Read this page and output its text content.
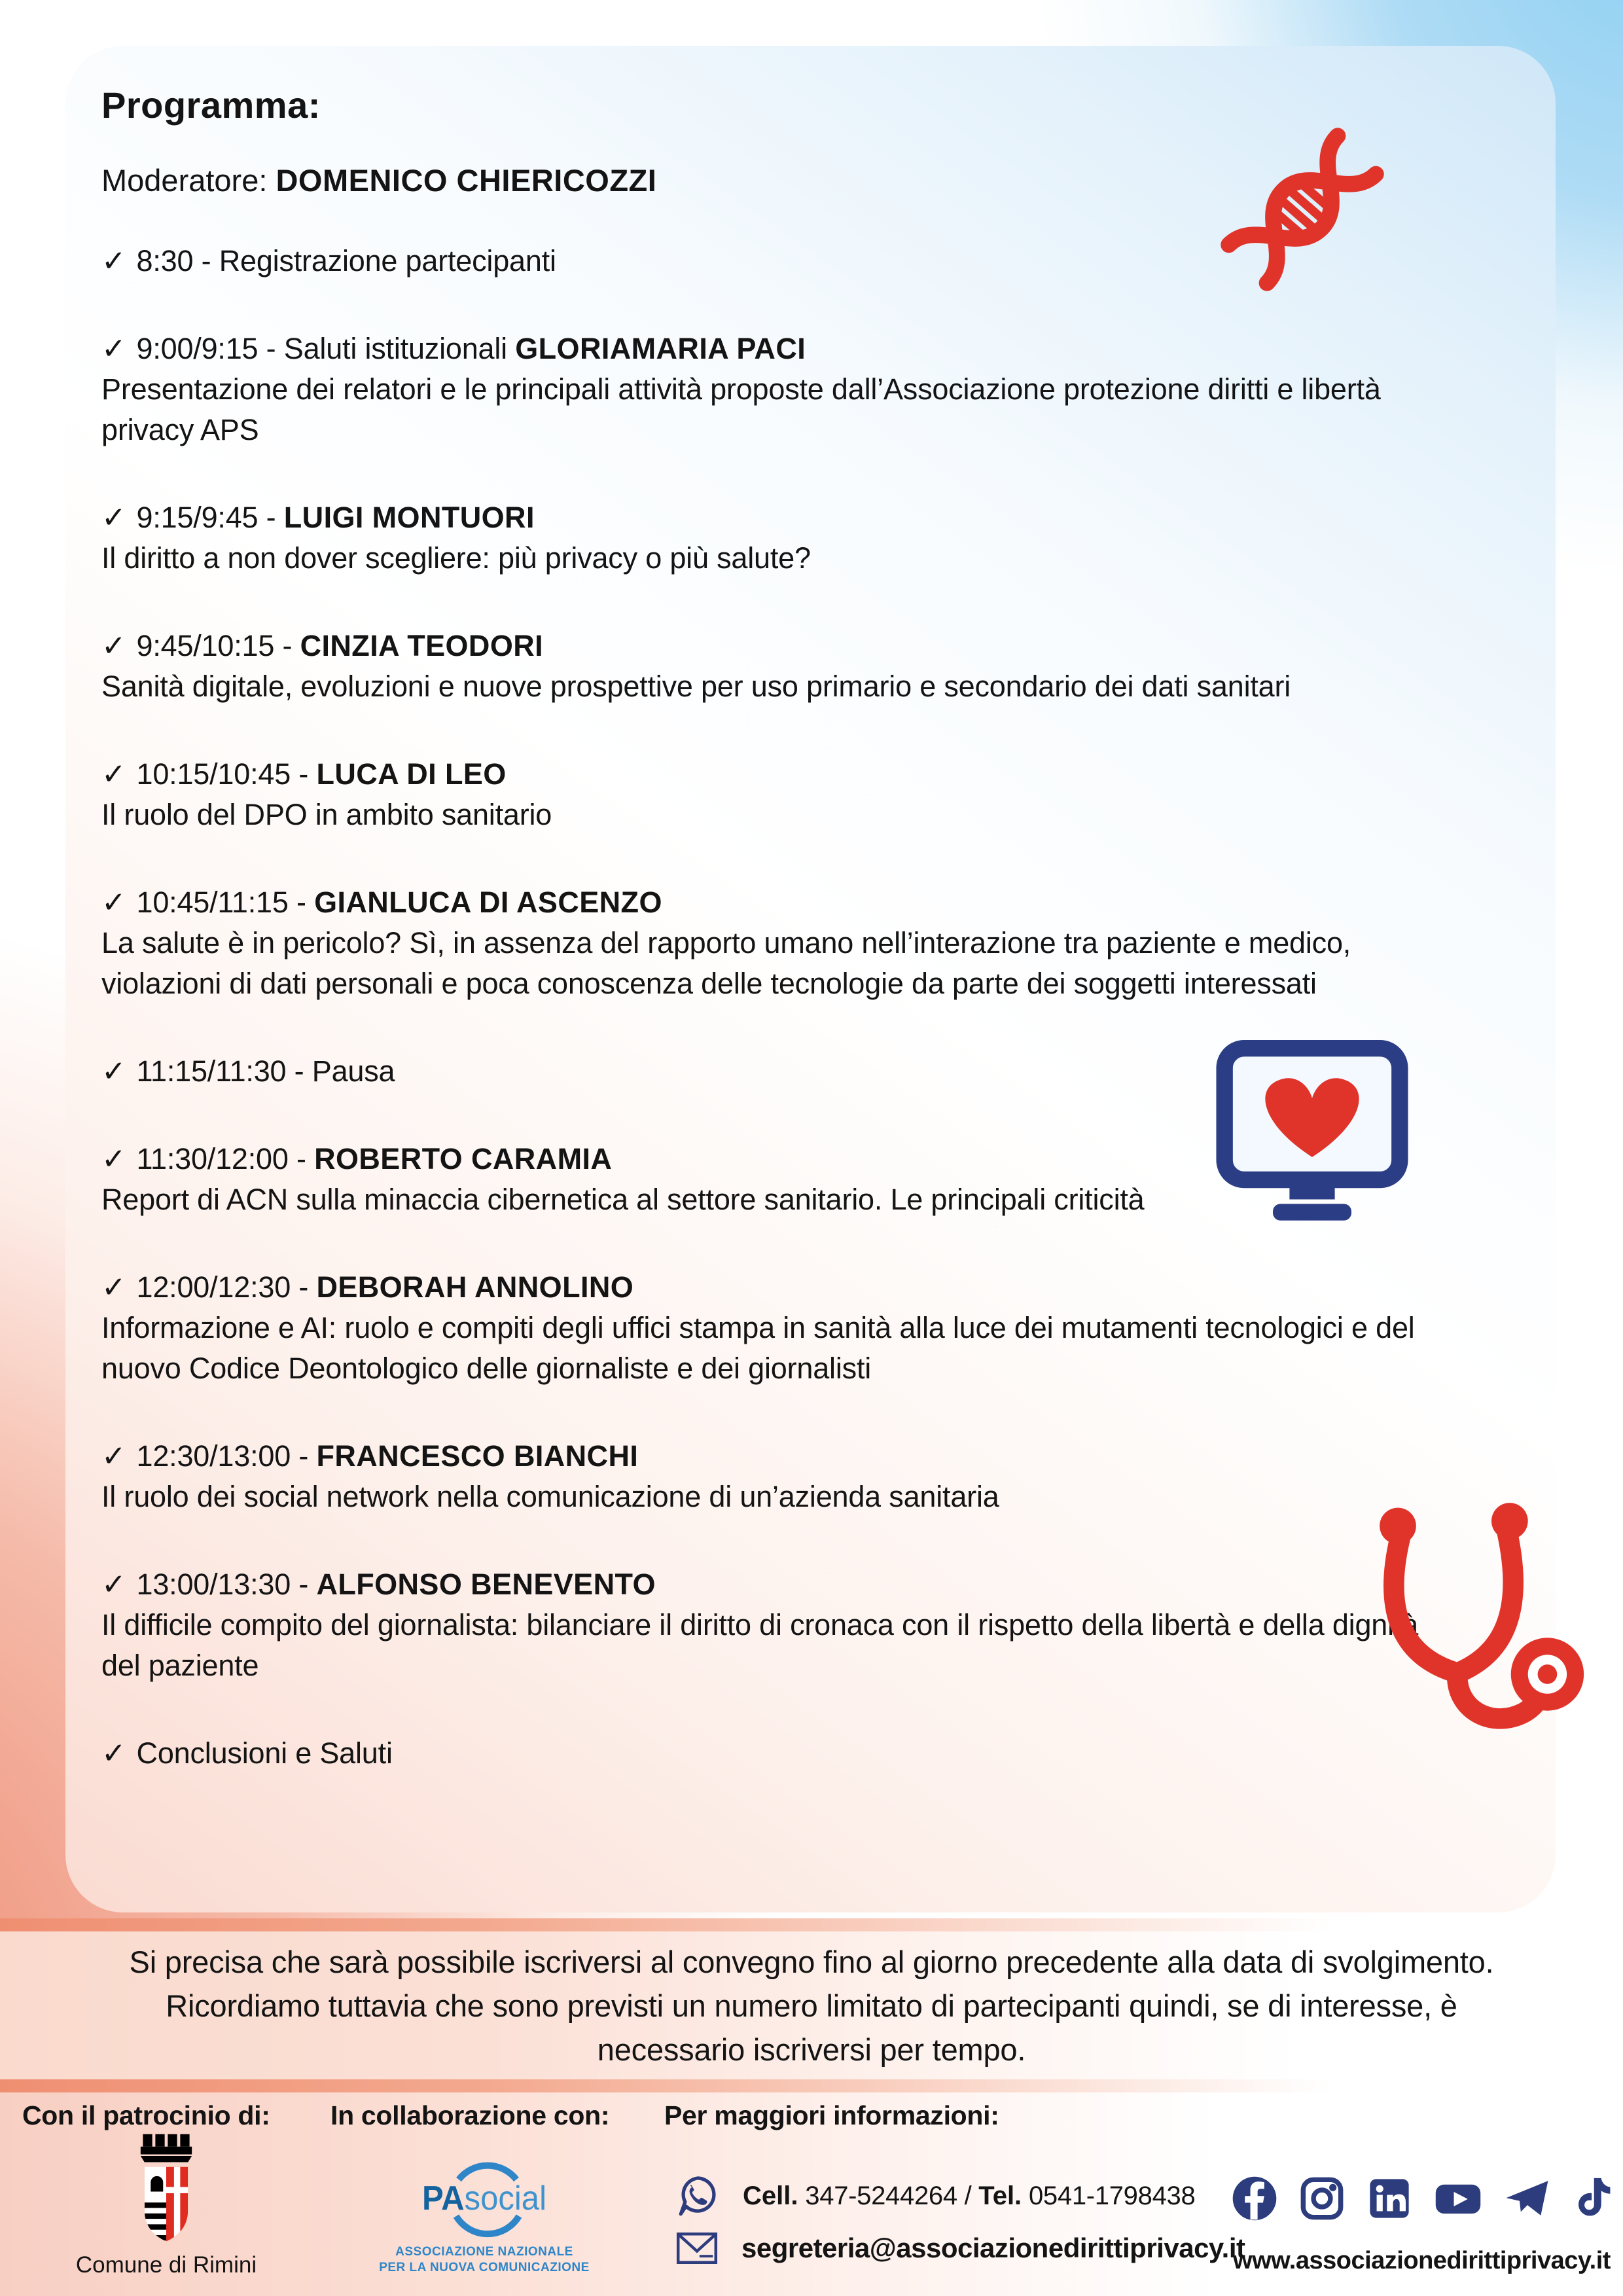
Programma:
Moderatore: DOMENICO CHIERICOZZI
✓ 8:30 - Registrazione partecipanti
✓ 9:00/9:15 - Saluti istituzionali GLORIAMARIA PACI
Presentazione dei relatori e le principali attività proposte dall’Associazione protezione diritti e libertà privacy APS
✓ 9:15/9:45 - LUIGI MONTUORI
Il diritto a non dover scegliere: più privacy o più salute?
✓ 9:45/10:15 - CINZIA TEODORI
Sanità digitale, evoluzioni e nuove prospettive per uso primario e secondario dei dati sanitari
✓ 10:15/10:45 - LUCA DI LEO
Il ruolo del DPO in ambito sanitario
✓ 10:45/11:15 - GIANLUCA DI ASCENZO
La salute è in pericolo? Sì, in assenza del rapporto umano nell’interazione tra paziente e medico, violazioni di dati personali e poca conoscenza delle tecnologie da parte dei soggetti interessati
✓ 11:15/11:30 - Pausa
✓ 11:30/12:00 - ROBERTO CARAMIA
Report di ACN sulla minaccia cibernetica al settore sanitario. Le principali criticità
✓ 12:00/12:30 - DEBORAH ANNOLINO
Informazione e AI: ruolo e compiti degli uffici stampa in sanità alla luce dei mutamenti tecnologici e del nuovo Codice Deontologico delle giornaliste e dei giornalisti
✓ 12:30/13:00 - FRANCESCO BIANCHI
Il ruolo dei social network nella comunicazione di un’azienda sanitaria
✓ 13:00/13:30 - ALFONSO BENEVENTO
Il difficile compito del giornalista: bilanciare il diritto di cronaca con il rispetto della libertà e della dignità del paziente
✓ Conclusioni e Saluti
Si precisa che sarà possibile iscriversi al convegno fino al giorno precedente alla data di svolgimento. Ricordiamo tuttavia che sono previsti un numero limitato di partecipanti quindi, se di interesse, è necessario iscriversi per tempo.
Con il patrocinio di:
Comune di Rimini
In collaborazione con:
PAsocial
ASSOCIAZIONE NAZIONALE
PER LA NUOVA COMUNICAZIONE
Per maggiori informazioni:
Cell. 347-5244264 / Tel. 0541-1798438
segreteria@associazionedirittiprivacy.it
www.associazionedirittiprivacy.it
